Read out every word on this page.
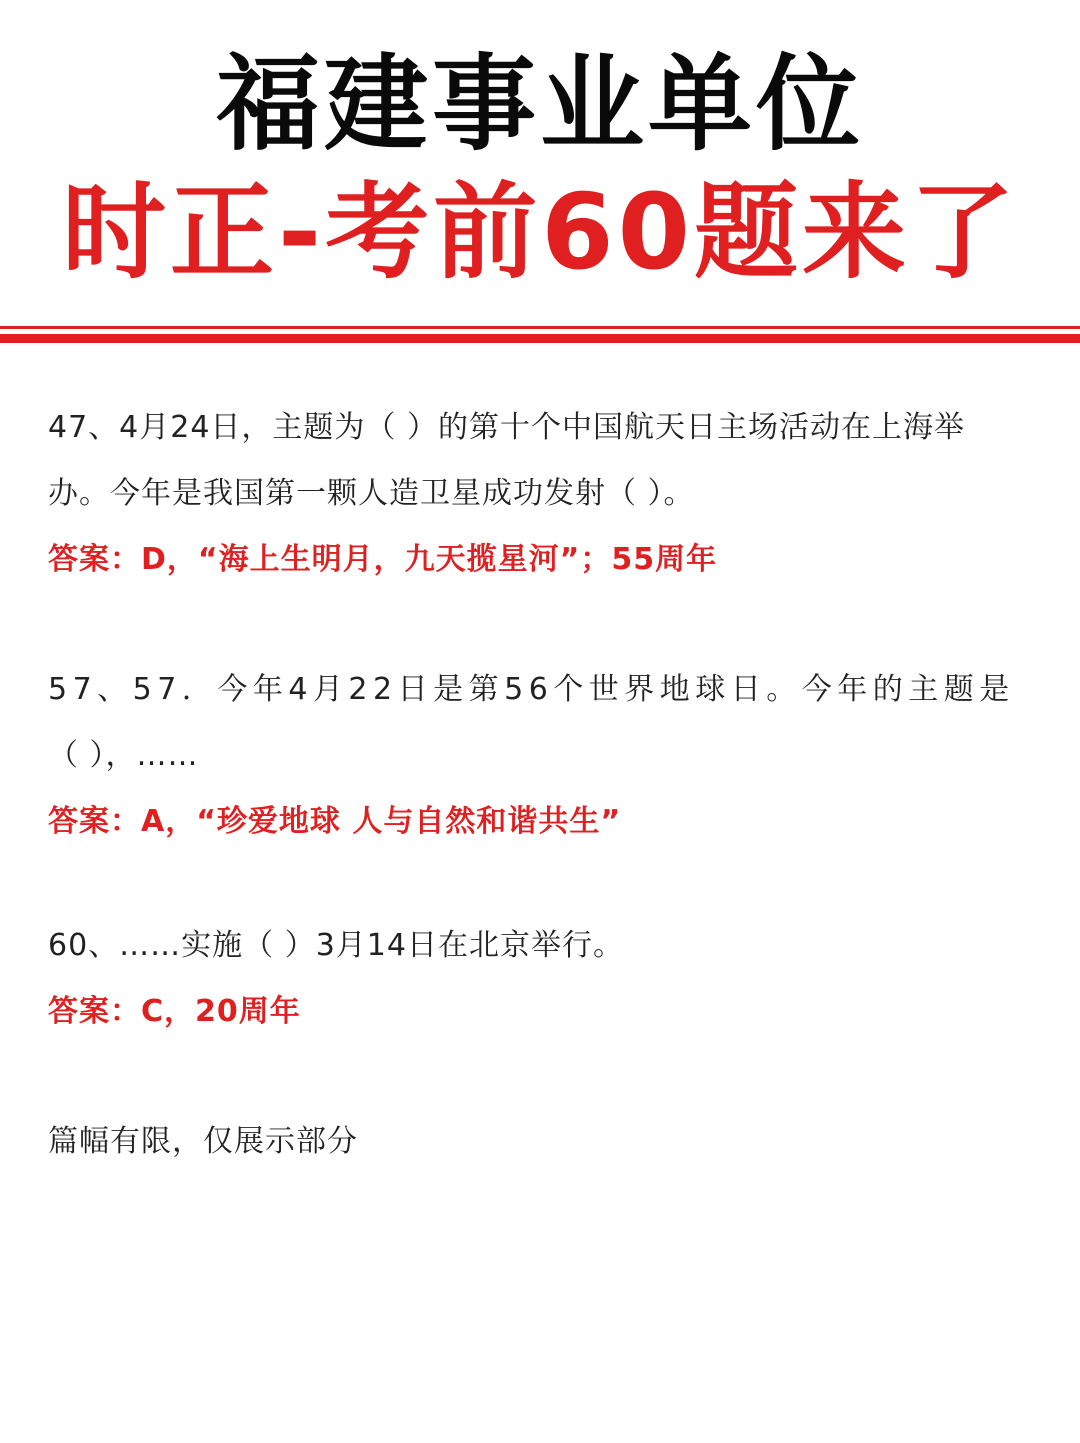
福建事业单位
时正-考前60题来了

47、4月24日，主题为（ ）的第十个中国航天日主场活动在上海举

办。今年是我国第一颗人造卫星成功发射（ ）。

答案：D，“海上生明月，九天揽星河”；55周年

57、57．今年4月22日是第56个世界地球日。今年的主题是

（ ），……

答案：A，“珍爱地球 人与自然和谐共生”

60、……实施（ ）3月14日在北京举行。

答案：C，20周年

篇幅有限，仅展示部分
